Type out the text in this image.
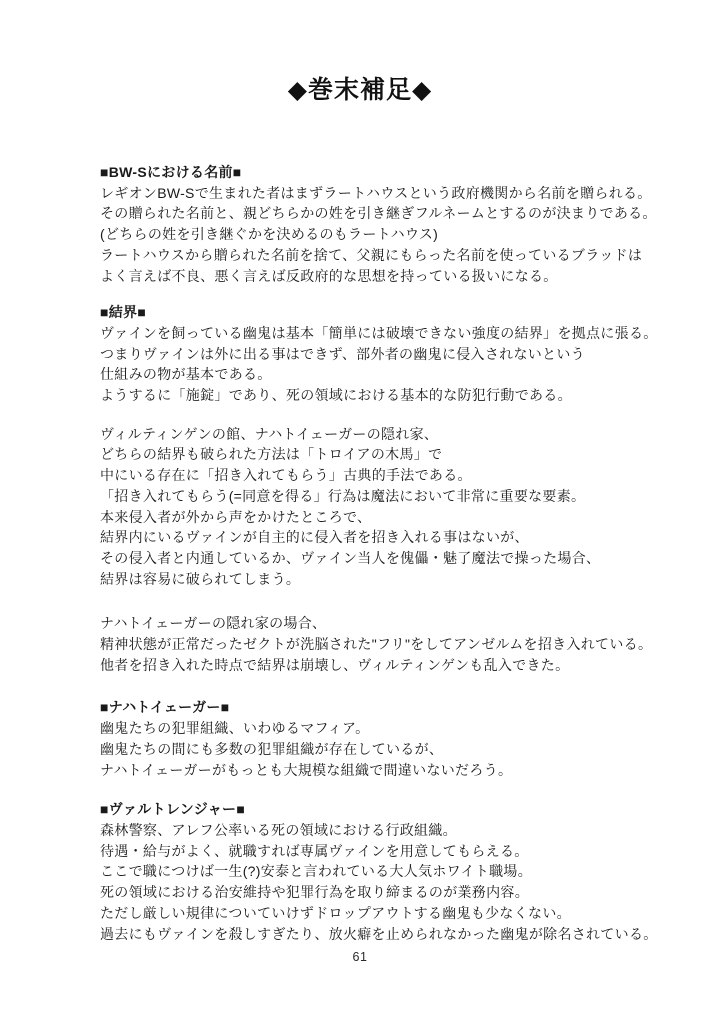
◆巻末補足◆
■BW-Sにおける名前■
レギオンBW-Sで生まれた者はまずラートハウスという政府機関から名前を贈られる。
その贈られた名前と、親どちらかの姓を引き継ぎフルネームとするのが決まりである。
(どちらの姓を引き継ぐかを決めるのもラートハウス)
ラートハウスから贈られた名前を捨て、父親にもらった名前を使っているブラッドは
よく言えば不良、悪く言えば反政府的な思想を持っている扱いになる。
■結界■
ヴァインを飼っている幽鬼は基本「簡単には破壊できない強度の結界」を拠点に張る。
つまりヴァインは外に出る事はできず、部外者の幽鬼に侵入されないという
仕組みの物が基本である。
ようするに「施錠」であり、死の領域における基本的な防犯行動である。
ヴィルティンゲンの館、ナハトイェーガーの隠れ家、
どちらの結界も破られた方法は「トロイアの木馬」で
中にいる存在に「招き入れてもらう」古典的手法である。
「招き入れてもらう(=同意を得る」行為は魔法において非常に重要な要素。
本来侵入者が外から声をかけたところで、
結界内にいるヴァインが自主的に侵入者を招き入れる事はないが、
その侵入者と内通しているか、ヴァイン当人を傀儡・魅了魔法で操った場合、
結界は容易に破られてしまう。
ナハトイェーガーの隠れ家の場合、
精神状態が正常だったゼクトが洗脳された"フリ"をしてアンゼルムを招き入れている。
他者を招き入れた時点で結界は崩壊し、ヴィルティンゲンも乱入できた。
■ナハトイェーガー■
幽鬼たちの犯罪組織、いわゆるマフィア。
幽鬼たちの間にも多数の犯罪組織が存在しているが、
ナハトイェーガーがもっとも大規模な組織で間違いないだろう。
■ヴァルトレンジャー■
森林警察、アレフ公率いる死の領域における行政組織。
待遇・給与がよく、就職すれば専属ヴァインを用意してもらえる。
ここで職につけば一生(?)安泰と言われている大人気ホワイト職場。
死の領域における治安維持や犯罪行為を取り締まるのが業務内容。
ただし厳しい規律についていけずドロップアウトする幽鬼も少なくない。
過去にもヴァインを殺しすぎたり、放火癖を止められなかった幽鬼が除名されている。
61
